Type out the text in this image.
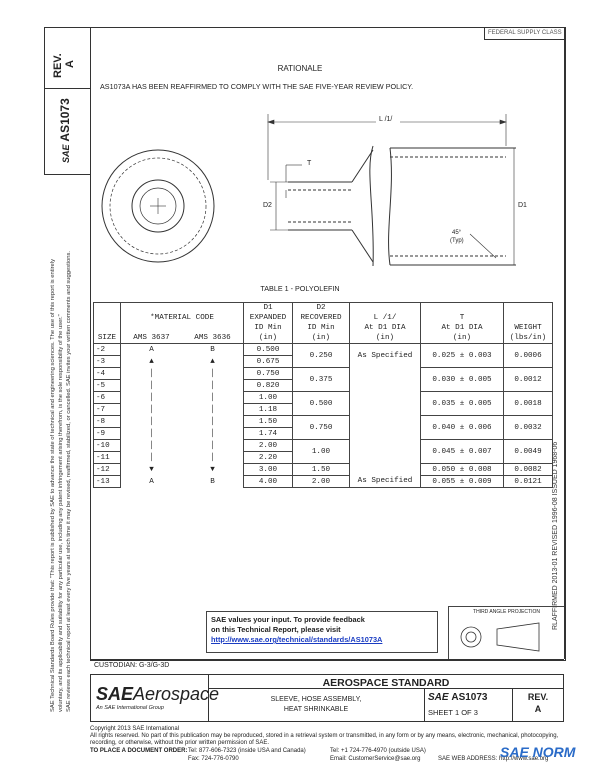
REV. A
SAE AS1073
SAE Technical Standards Board Rules provide that: "This report is published by SAE to advance the state of technical and engineering sciences. The use of this report is entirely voluntary, and its applicability and suitability for any particular use, including any patent infringement arising therefrom, is the sole responsibility of the user." SAE reviews each technical report at least every five years at which time it may be revised, reaffirmed, stabilized, or cancelled. SAE invites your written comments and suggestions.	RLAFFIRMED 2013-01 REVISED 1996-08 ISSUED 1968-06
FEDERAL SUPPLY CLASS
RATIONALE
AS1073A HAS BEEN REAFFIRMED TO COMPLY WITH THE SAE FIVE-YEAR REVIEW POLICY.
L /1/
T
D2	D1
45°
(Typ)
TABLE 1 - POLYOLEFIN
	*MATERIAL CODE		D1
EXPANDED
ID Min
(in)	D2
RECOVERED
ID Min
(in)	L /1/
At D1 DIA
(in)	T
At D1 DIA
(in)	WEIGHT
(lbs/in)
SIZE	AMS 3637	AMS 3636					
-2	A	B	0.500	0.250	As Specified	0.025 ± 0.003	0.0006
-3	▲	▲	0.675				
-4	│	│	0.750	0.375		0.030 ± 0.005	0.0012
-5	│	│	0.820				
-6	│	│	1.00	0.500		0.035 ± 0.005	0.0018
-7	│	│	1.18				
-8	│	│	1.50	0.750		0.040 ± 0.006	0.0032
-9	│	│	1.74				
-10	│	│	2.00	1.00		0.045 ± 0.007	0.0049
-11	│	│	2.20				
-12	▼	▼	3.00	1.50		0.050 ± 0.008	0.0082
-13	A	B	4.00	2.00	As Specified	0.055 ± 0.009	0.0121
SAE values your input. To provide feedback
on this Technical Report, please visit
http://www.sae.org/technical/standards/AS1073A
THIRD ANGLE PROJECTION
CUSTODIAN: G-3/G-3D
SAEAerospace
An SAE International Group
AEROSPACE STANDARD
SLEEVE, HOSE ASSEMBLY,
HEAT SHRINKABLE
SAE AS1073
SHEET 1 OF 3
REV.
A
Copyright 2013 SAE International
All rights reserved. No part of this publication may be reproduced, stored in a retrieval system or transmitted, in any form or by any means, electronic, mechanical, photocopying,
recording, or otherwise, without the prior written permission of SAE.
TO PLACE A DOCUMENT ORDER: Tel: 877-606-7323 (inside USA and Canada)
Fax: 724-776-0790
Tel: +1 724-776-4970 (outside USA)
Email: CustomerService@sae.org	SAE WEB ADDRESS: http://www.sae.org
SAE NORM
